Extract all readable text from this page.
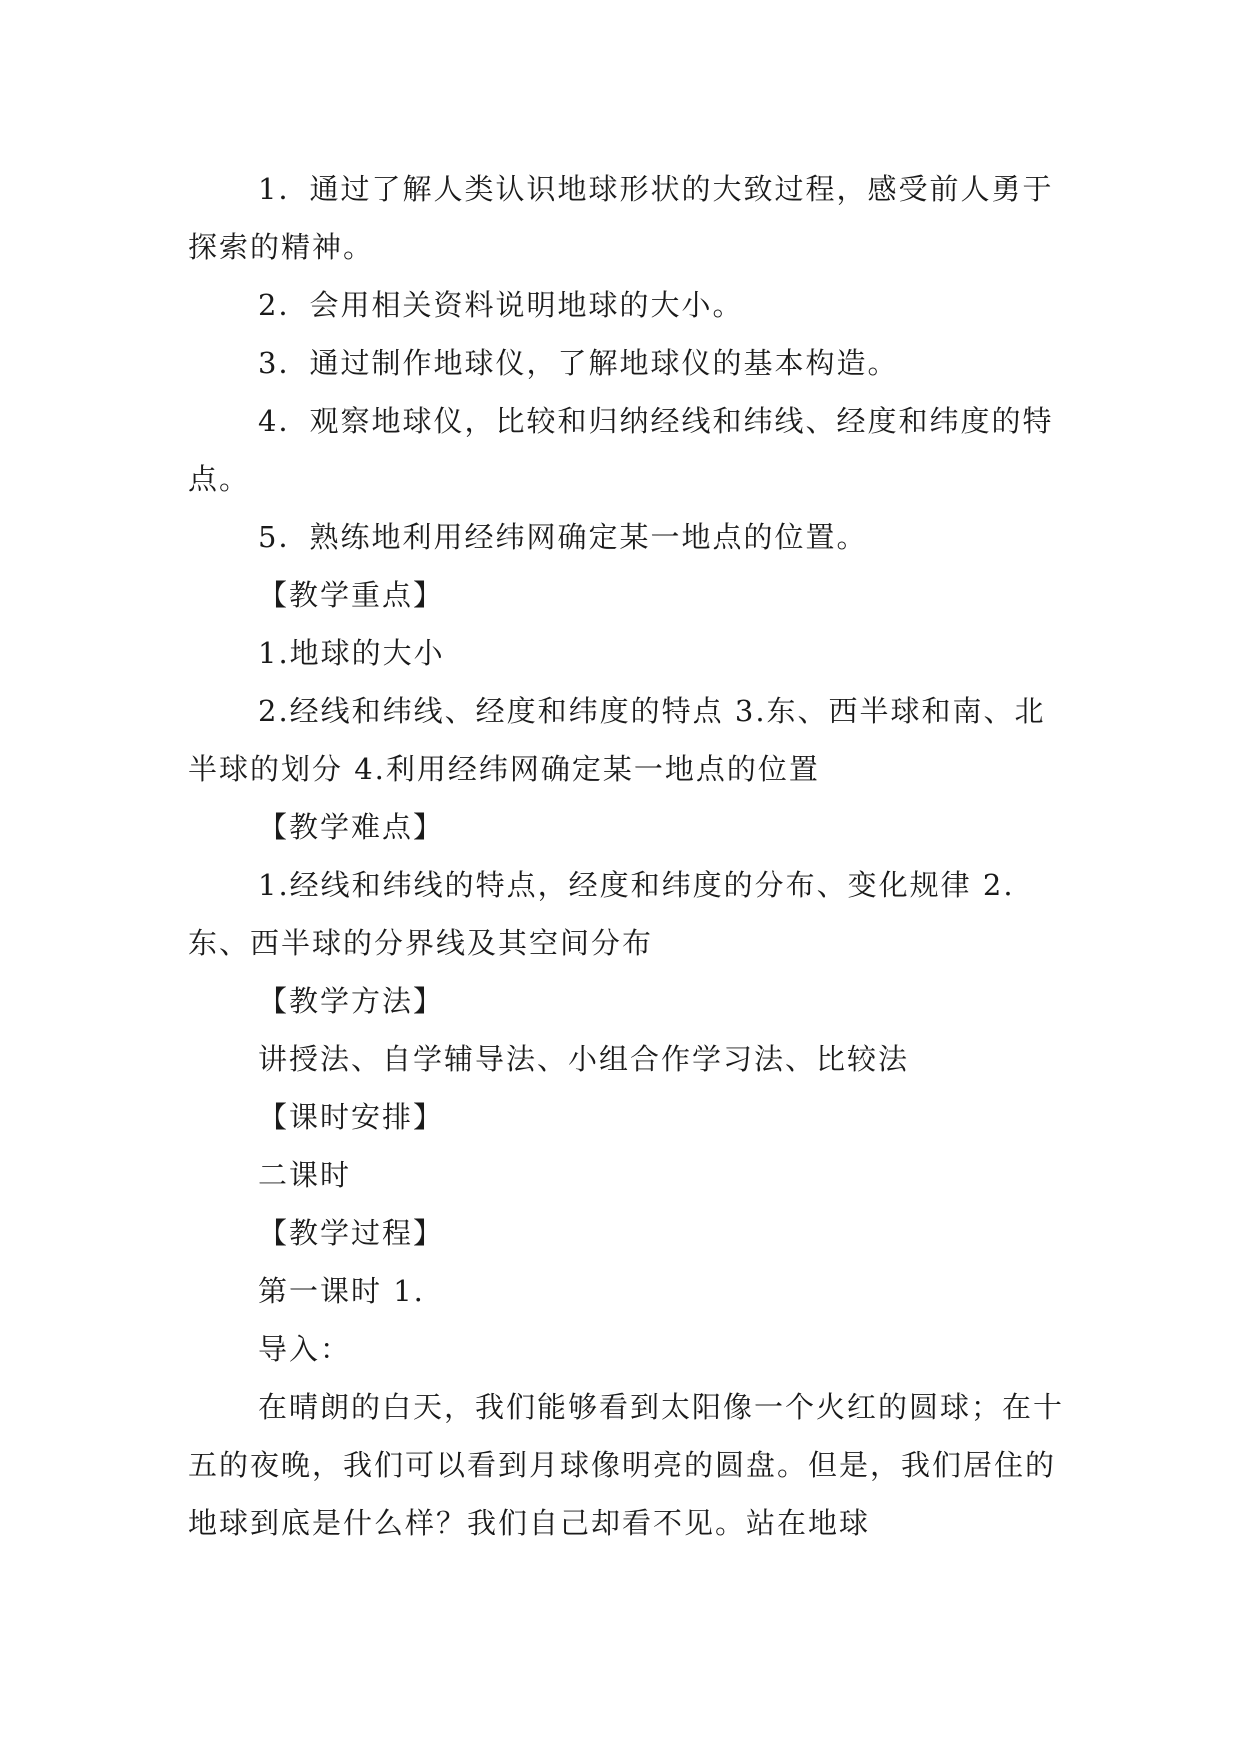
1．通过了解人类认识地球形状的大致过程，感受前人勇于探索的精神。

2．会用相关资料说明地球的大小。

3．通过制作地球仪，了解地球仪的基本构造。

4．观察地球仪，比较和归纳经线和纬线、经度和纬度的特点。

5．熟练地利用经纬网确定某一地点的位置。

【教学重点】

1.地球的大小

2.经线和纬线、经度和纬度的特点 3.东、西半球和南、北半球的划分 4.利用经纬网确定某一地点的位置

【教学难点】

1.经线和纬线的特点，经度和纬度的分布、变化规律 2.东、西半球的分界线及其空间分布

【教学方法】

讲授法、自学辅导法、小组合作学习法、比较法

【课时安排】

二课时

【教学过程】

第一课时 1.

导入：

在晴朗的白天，我们能够看到太阳像一个火红的圆球；在十五的夜晚，我们可以看到月球像明亮的圆盘。但是，我们居住的地球到底是什么样？我们自己却看不见。站在地球
